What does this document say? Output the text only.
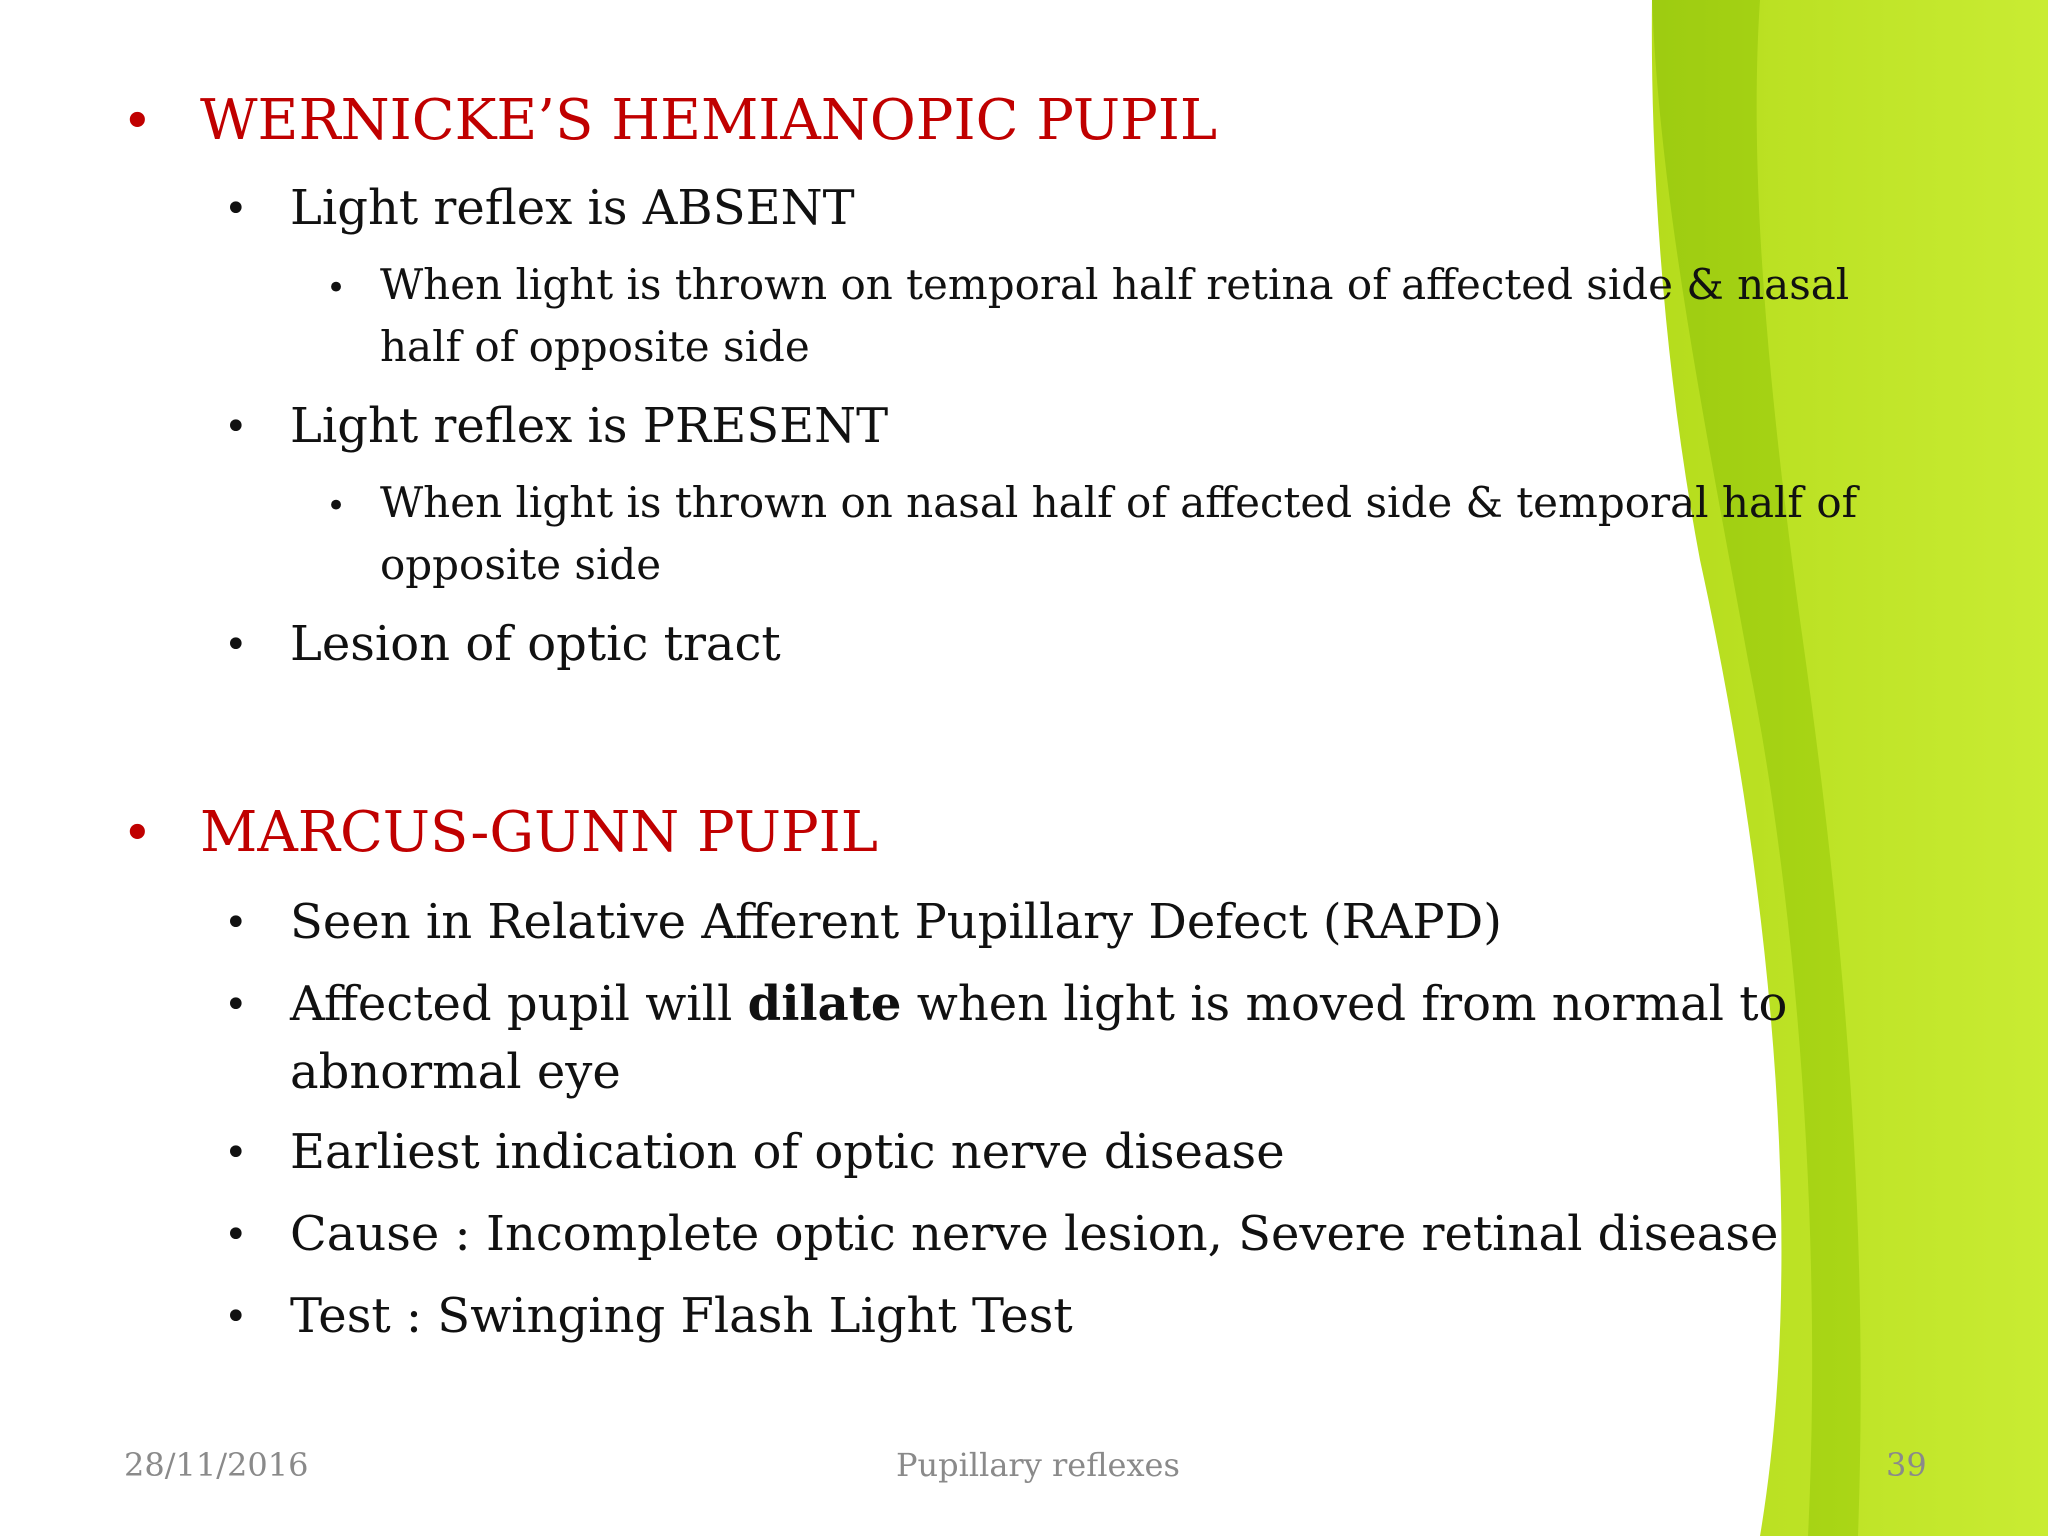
• WERNICKE’S HEMIANOPIC PUPIL
• Light reflex is ABSENT
• When light is thrown on temporal half retina of affected side & nasal
half of opposite side
• Light reflex is PRESENT
• When light is thrown on nasal half of affected side & temporal half of
opposite side
• Lesion of optic tract
• MARCUS-GUNN PUPIL
• Seen in Relative Afferent Pupillary Defect (RAPD)
• Affected pupil will dilate when light is moved from normal to
abnormal eye
• Earliest indication of optic nerve disease
• Cause : Incomplete optic nerve lesion, Severe retinal disease
• Test : Swinging Flash Light Test
28/11/2016	Pupillary reflexes	39
